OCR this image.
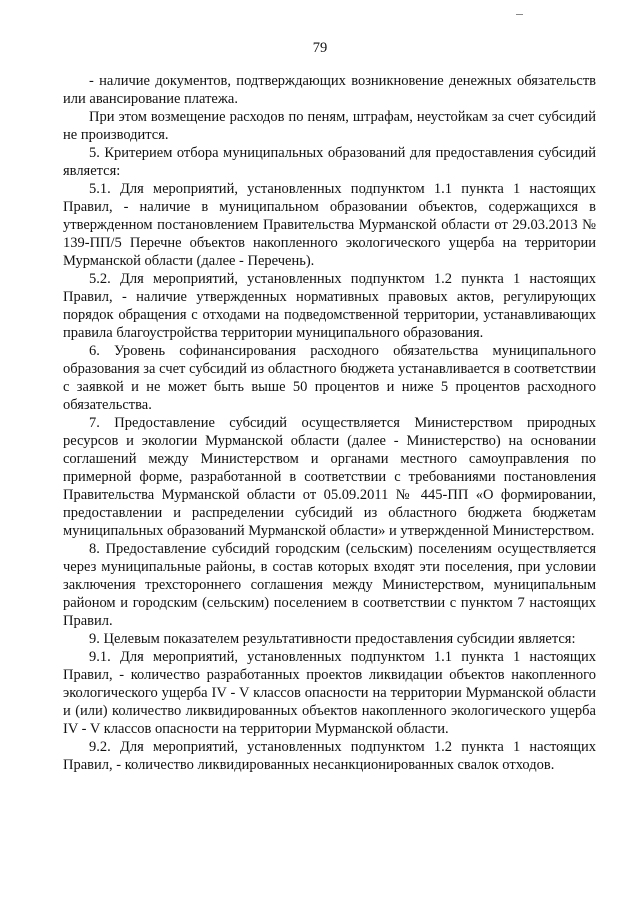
79

- наличие документов, подтверждающих возникновение денежных обязательств или авансирование платежа.

При этом возмещение расходов по пеням, штрафам, неустойкам за счет субсидий не производится.

5. Критерием отбора муниципальных образований для предоставления субсидий является:

5.1. Для мероприятий, установленных подпунктом 1.1 пункта 1 настоящих Правил, - наличие в муниципальном образовании объектов, содержащихся в утвержденном постановлением Правительства Мурманской области от 29.03.2013 № 139-ПП/5 Перечне объектов накопленного экологического ущерба на территории Мурманской области (далее - Перечень).

5.2. Для мероприятий, установленных подпунктом 1.2 пункта 1 настоящих Правил, - наличие утвержденных нормативных правовых актов, регулирующих порядок обращения с отходами на подведомственной территории, устанавливающих правила благоустройства территории муниципального образования.

6. Уровень софинансирования расходного обязательства муниципального образования за счет субсидий из областного бюджета устанавливается в соответствии с заявкой и не может быть выше 50 процентов и ниже 5 процентов расходного обязательства.

7. Предоставление субсидий осуществляется Министерством природных ресурсов и экологии Мурманской области (далее - Министерство) на основании соглашений между Министерством и органами местного самоуправления по примерной форме, разработанной в соответствии с требованиями постановления Правительства Мурманской области от 05.09.2011 № 445-ПП «О формировании, предоставлении и распределении субсидий из областного бюджета бюджетам муниципальных образований Мурманской области» и утвержденной Министерством.

8. Предоставление субсидий городским (сельским) поселениям осуществляется через муниципальные районы, в состав которых входят эти поселения, при условии заключения трехстороннего соглашения между Министерством, муниципальным районом и городским (сельским) поселением в соответствии с пунктом 7 настоящих Правил.

9. Целевым показателем результативности предоставления субсидии является:

9.1. Для мероприятий, установленных подпунктом 1.1 пункта 1 настоящих Правил, - количество разработанных проектов ликвидации объектов накопленного экологического ущерба IV - V классов опасности на территории Мурманской области и (или) количество ликвидированных объектов накопленного экологического ущерба IV - V классов опасности на территории Мурманской области.

9.2. Для мероприятий, установленных подпунктом 1.2 пункта 1 настоящих Правил, - количество ликвидированных несанкционированных свалок отходов.
